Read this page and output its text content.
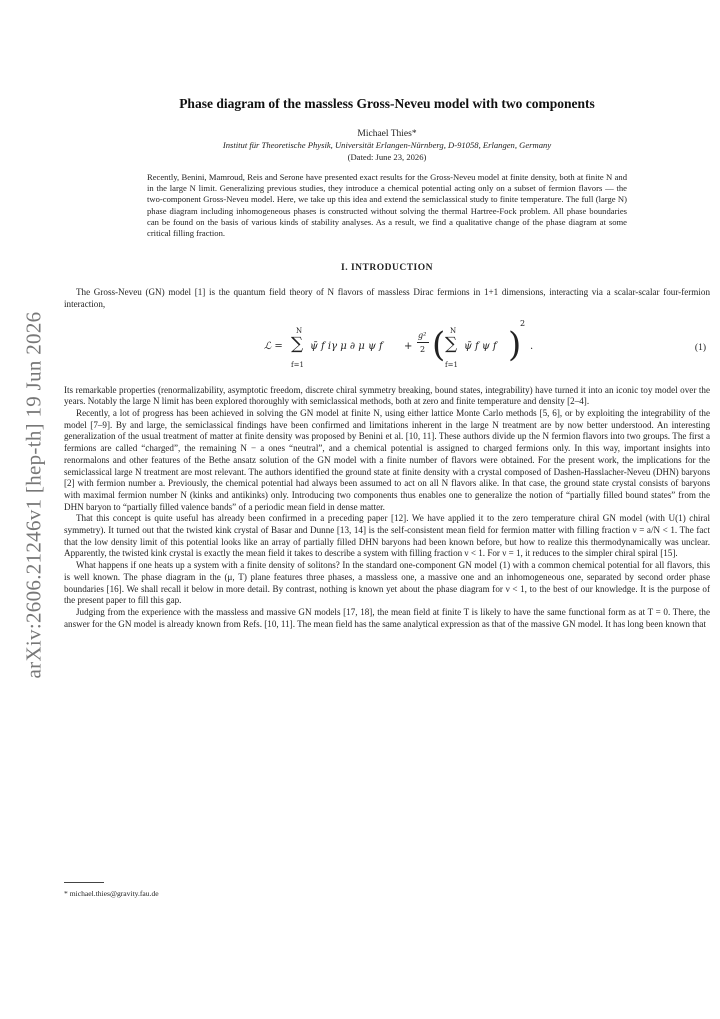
arXiv:2606.21246v1 [hep-th] 19 Jun 2026
Phase diagram of the massless Gross-Neveu model with two components
Michael Thies*
Institut für Theoretische Physik, Universität Erlangen-Nürnberg, D-91058, Erlangen, Germany
(Dated: June 23, 2026)
Recently, Benini, Mamroud, Reis and Serone have presented exact results for the Gross-Neveu model at finite density, both at finite N and in the large N limit. Generalizing previous studies, they introduce a chemical potential acting only on a subset of fermion flavors — the two-component Gross-Neveu model. Here, we take up this idea and extend the semiclassical study to finite temperature. The full (large N) phase diagram including inhomogeneous phases is constructed without solving the thermal Hartree-Fock problem. All phase boundaries can be found on the basis of various kinds of stability analyses. As a result, we find a qualitative change of the phase diagram at some critical filling fraction.
I. INTRODUCTION

The Gross-Neveu (GN) model [1] is the quantum field theory of N flavors of massless Dirac fermions in 1+1 dimensions, interacting via a scalar-scalar four-fermion interaction,

ℒ =
N
∑
f=1
ψ̄ f iγ μ ∂ μ ψ f +
g²
2 ( N
∑
f=1
ψ̄ f ψ f )
2
.	(1)

Its remarkable properties (renormalizability, asymptotic freedom, discrete chiral symmetry breaking, bound states, integrability) have turned it into an iconic toy model over the years. Notably the large N limit has been explored thoroughly with semiclassical methods, both at zero and finite temperature and density [2–4].

Recently, a lot of progress has been achieved in solving the GN model at finite N, using either lattice Monte Carlo methods [5, 6], or by exploiting the integrability of the model [7–9]. By and large, the semiclassical findings have been confirmed and limitations inherent in the large N treatment are by now better understood. An interesting generalization of the usual treatment of matter at finite density was proposed by Benini et al. [10, 11]. These authors divide up the N fermion flavors into two groups. The first a fermions are called “charged”, the remaining N − a ones “neutral”, and a chemical potential is assigned to charged fermions only. In this way, important insights into renormalons and other features of the Bethe ansatz solution of the GN model with a finite number of flavors were obtained. For the present work, the implications for the semiclassical large N treatment are most relevant. The authors identified the ground state at finite density with a crystal composed of Dashen-Hasslacher-Neveu (DHN) baryons [2] with fermion number a. Previously, the chemical potential had always been assumed to act on all N flavors alike. In that case, the ground state crystal consists of baryons with maximal fermion number N (kinks and antikinks) only. Introducing two components thus enables one to generalize the notion of “partially filled bound states” from the DHN baryon to “partially filled valence bands” of a periodic mean field in dense matter.

That this concept is quite useful has already been confirmed in a preceding paper [12]. We have applied it to the zero temperature chiral GN model (with U(1) chiral symmetry). It turned out that the twisted kink crystal of Basar and Dunne [13, 14] is the self-consistent mean field for fermion matter with filling fraction ν = a/N < 1. The fact that the low density limit of this potential looks like an array of partially filled DHN baryons had been known before, but how to realize this thermodynamically was unclear. Apparently, the twisted kink crystal is exactly the mean field it takes to describe a system with filling fraction ν < 1. For ν = 1, it reduces to the simpler chiral spiral [15].

What happens if one heats up a system with a finite density of solitons? In the standard one-component GN model (1) with a common chemical potential for all flavors, this is well known. The phase diagram in the (μ, T) plane features three phases, a massless one, a massive one and an inhomogeneous one, separated by second order phase boundaries [16]. We shall recall it below in more detail. By contrast, nothing is known yet about the phase diagram for ν < 1, to the best of our knowledge. It is the purpose of the present paper to fill this gap.

Judging from the experience with the massless and massive GN models [17, 18], the mean field at finite T is likely to have the same functional form as at T = 0. There, the answer for the GN model is already known from Refs. [10, 11]. The mean field has the same analytical expression as that of the massive GN model. It has long been known that

* michael.thies@gravity.fau.de
